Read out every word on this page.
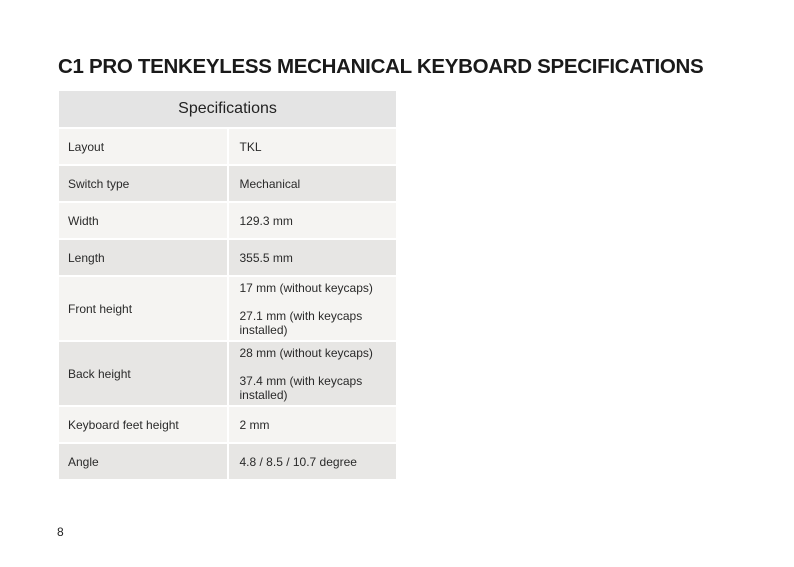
C1 PRO TENKEYLESS MECHANICAL KEYBOARD SPECIFICATIONS
Specifications	
Layout	TKL

Switch type	Mechanical

Width	129.3 mm

Length	355.5 mm

Front height	17 mm (without keycaps)
27.1 mm (with keycaps installed)

Back height	28 mm (without keycaps)
37.4 mm (with keycaps installed)

Keyboard feet height	2 mm

Angle	4.8 / 8.5 / 10.7 degree
8
